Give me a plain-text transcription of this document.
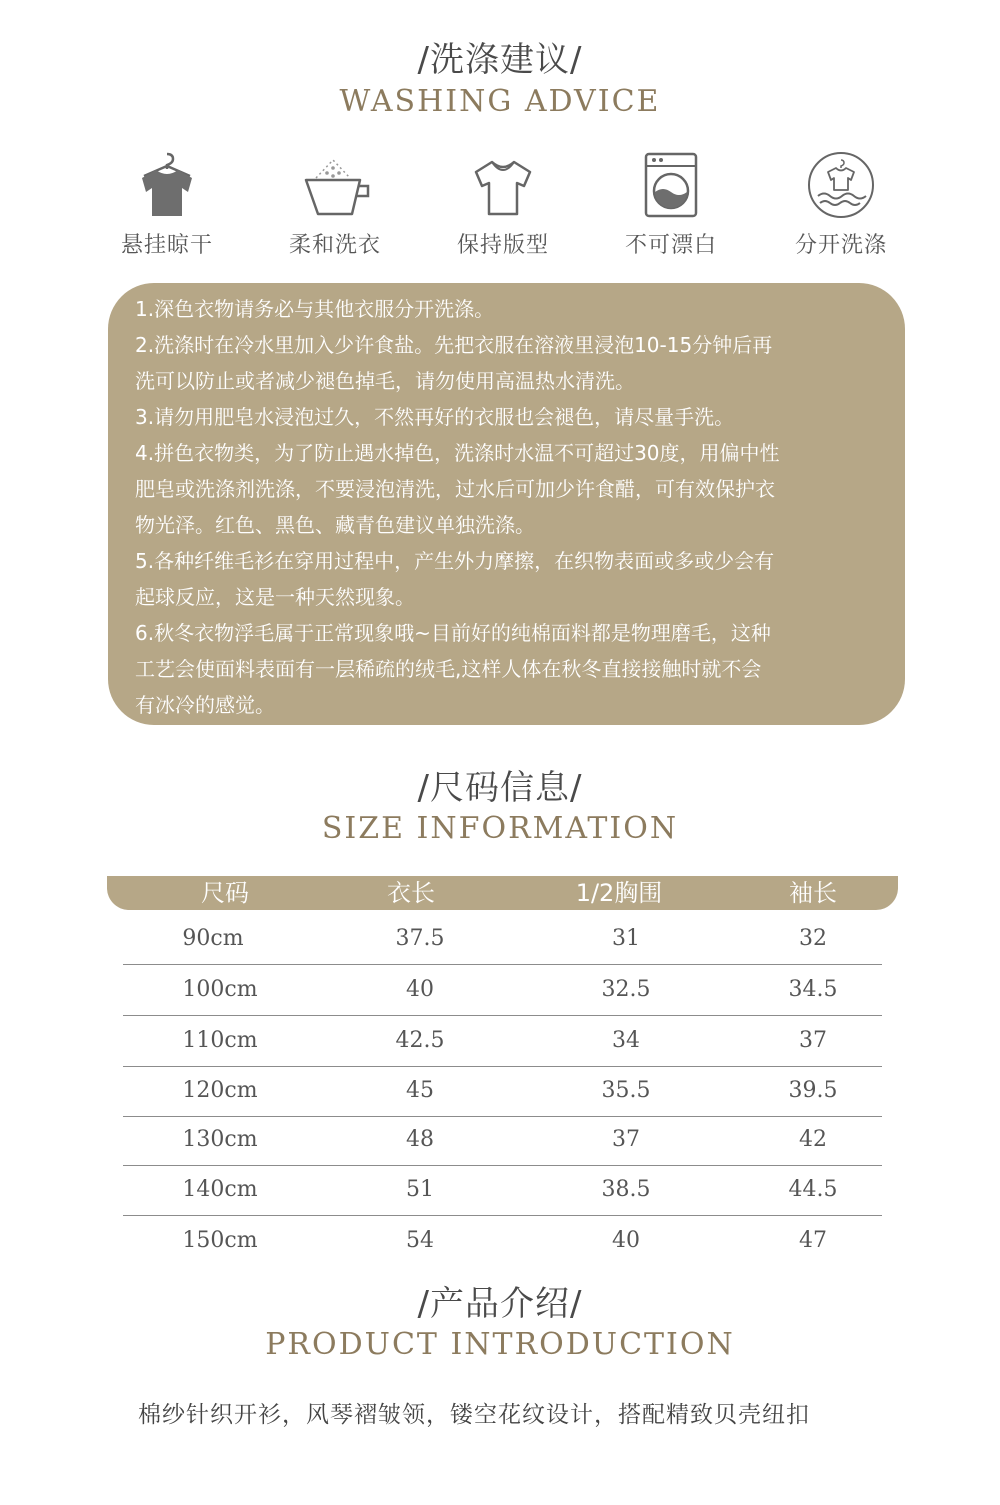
/洗涤建议/
WASHING ADVICE
悬挂晾干	柔和洗衣	保持版型	不可漂白	分开洗涤

1.深色衣物请务必与其他衣服分开洗涤。

2.洗涤时在冷水里加入少许食盐。先把衣服在溶液里浸泡10-15分钟后再

洗可以防止或者减少褪色掉毛，请勿使用高温热水清洗。

3.请勿用肥皂水浸泡过久，不然再好的衣服也会褪色，请尽量手洗。

4.拼色衣物类，为了防止遇水掉色，洗涤时水温不可超过30度，用偏中性

肥皂或洗涤剂洗涤，不要浸泡清洗，过水后可加少许食醋，可有效保护衣

物光泽。红色、黑色、藏青色建议单独洗涤。

5.各种纤维毛衫在穿用过程中，产生外力摩擦，在织物表面或多或少会有

起球反应，这是一种天然现象。

6.秋冬衣物浮毛属于正常现象哦~目前好的纯棉面料都是物理磨毛，这种

工艺会使面料表面有一层稀疏的绒毛,这样人体在秋冬直接接触时就不会

有冰冷的感觉。

/尺码信息/
SIZE INFORMATION
尺码	衣长	1/2胸围	袖长
90cm	37.5	31	32
100cm	40	32.5	34.5
110cm	42.5	34	37
120cm	45	35.5	39.5
130cm	48	37	42
140cm	51	38.5	44.5
150cm	54	40	47
/产品介绍/
PRODUCT INTRODUCTION
棉纱针织开衫，风琴褶皱领，镂空花纹设计，搭配精致贝壳纽扣
